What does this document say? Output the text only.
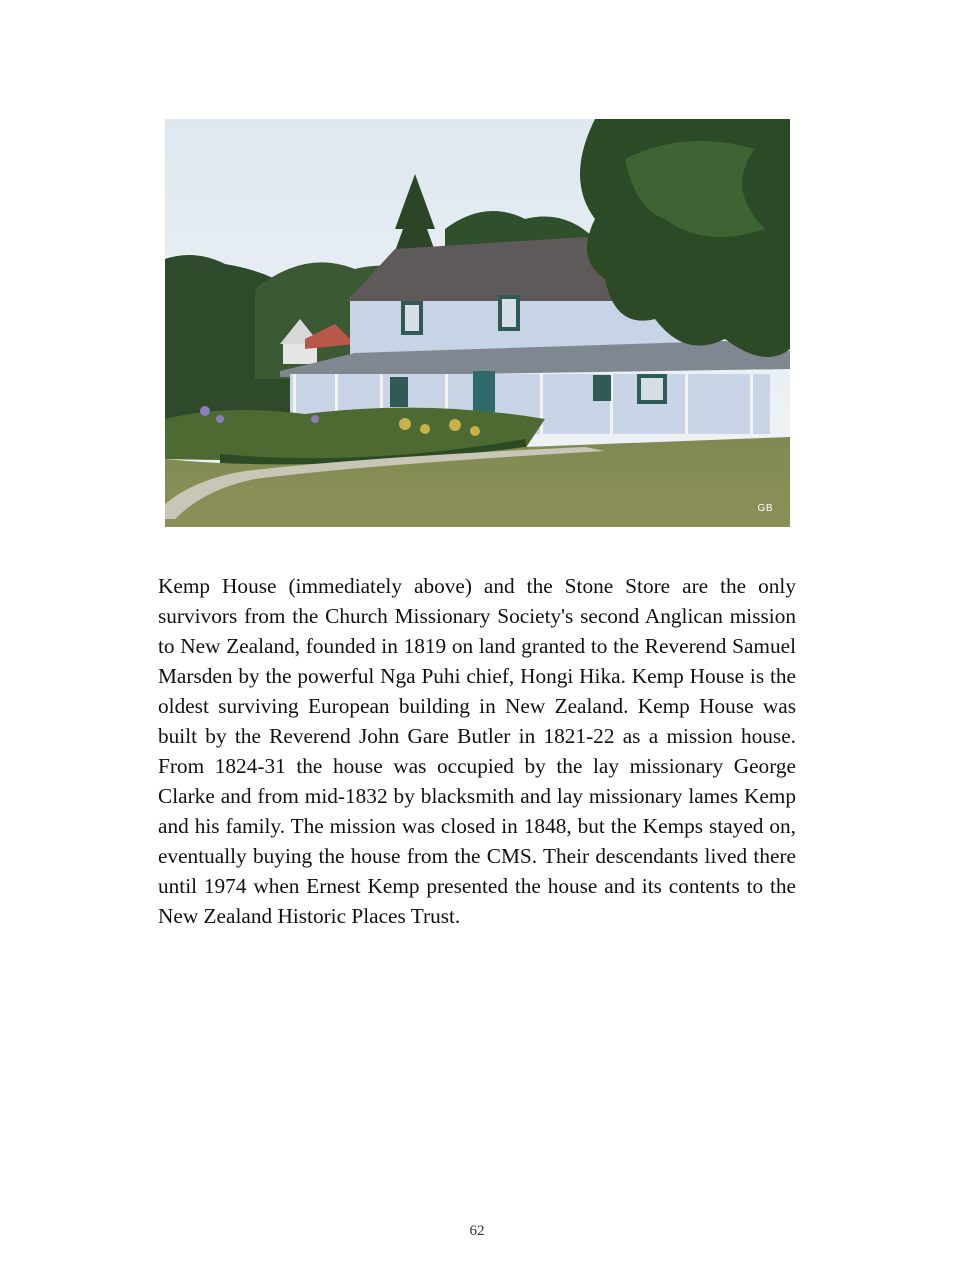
GB

Kemp House (immediately above) and the Stone Store are the only survivors from the Church Missionary Society's second Anglican mission to New Zealand, founded in 1819 on land granted to the Reverend Samuel Marsden by the powerful Nga Puhi chief, Hongi Hika. Kemp House is the oldest surviving European building in New Zealand. Kemp House was built by the Reverend John Gare Butler in 1821-22 as a mission house. From 1824-31 the house was occupied by the lay missionary George Clarke and from mid-1832 by blacksmith and lay missionary lames Kemp and his family. The mission was closed in 1848, but the Kemps stayed on, eventually buying the house from the CMS. Their descendants lived there until 1974 when Ernest Kemp presented the house and its contents to the New Zealand Historic Places Trust.

62
